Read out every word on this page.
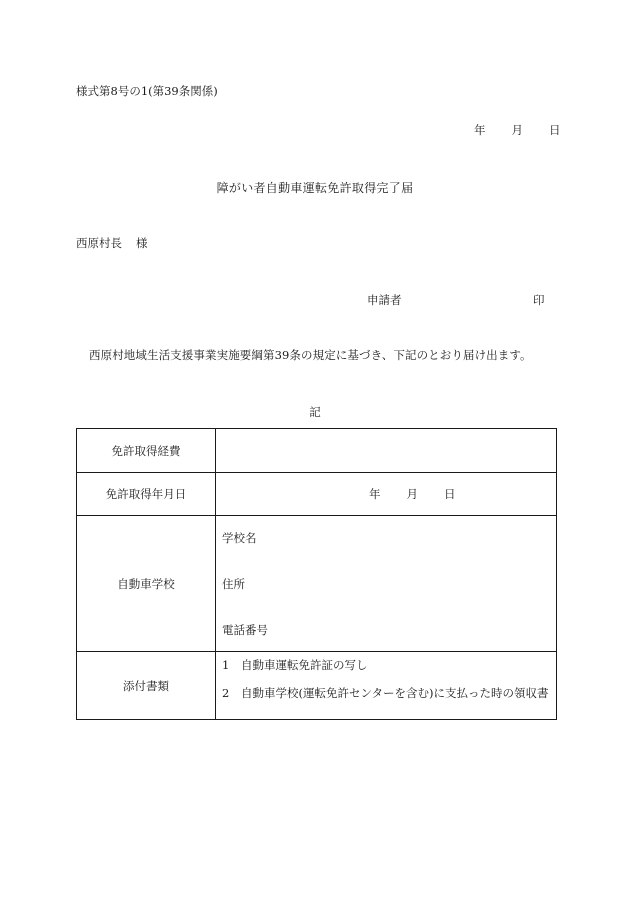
様式第8号の1(第39条関係)
年 月 日
障がい者自動車運転免許取得完了届
西原村長 様
申請者	印
西原村地域生活支援事業実施要綱第39条の規定に基づき、下記のとおり届け出ます。
記
免許取得経費	
免許取得年月日	年 月 日

自動車学校	学校名
住所
電話番号

添付書類	1 自動車運転免許証の写し
2 自動車学校(運転免許センターを含む)に支払った時の領収書
